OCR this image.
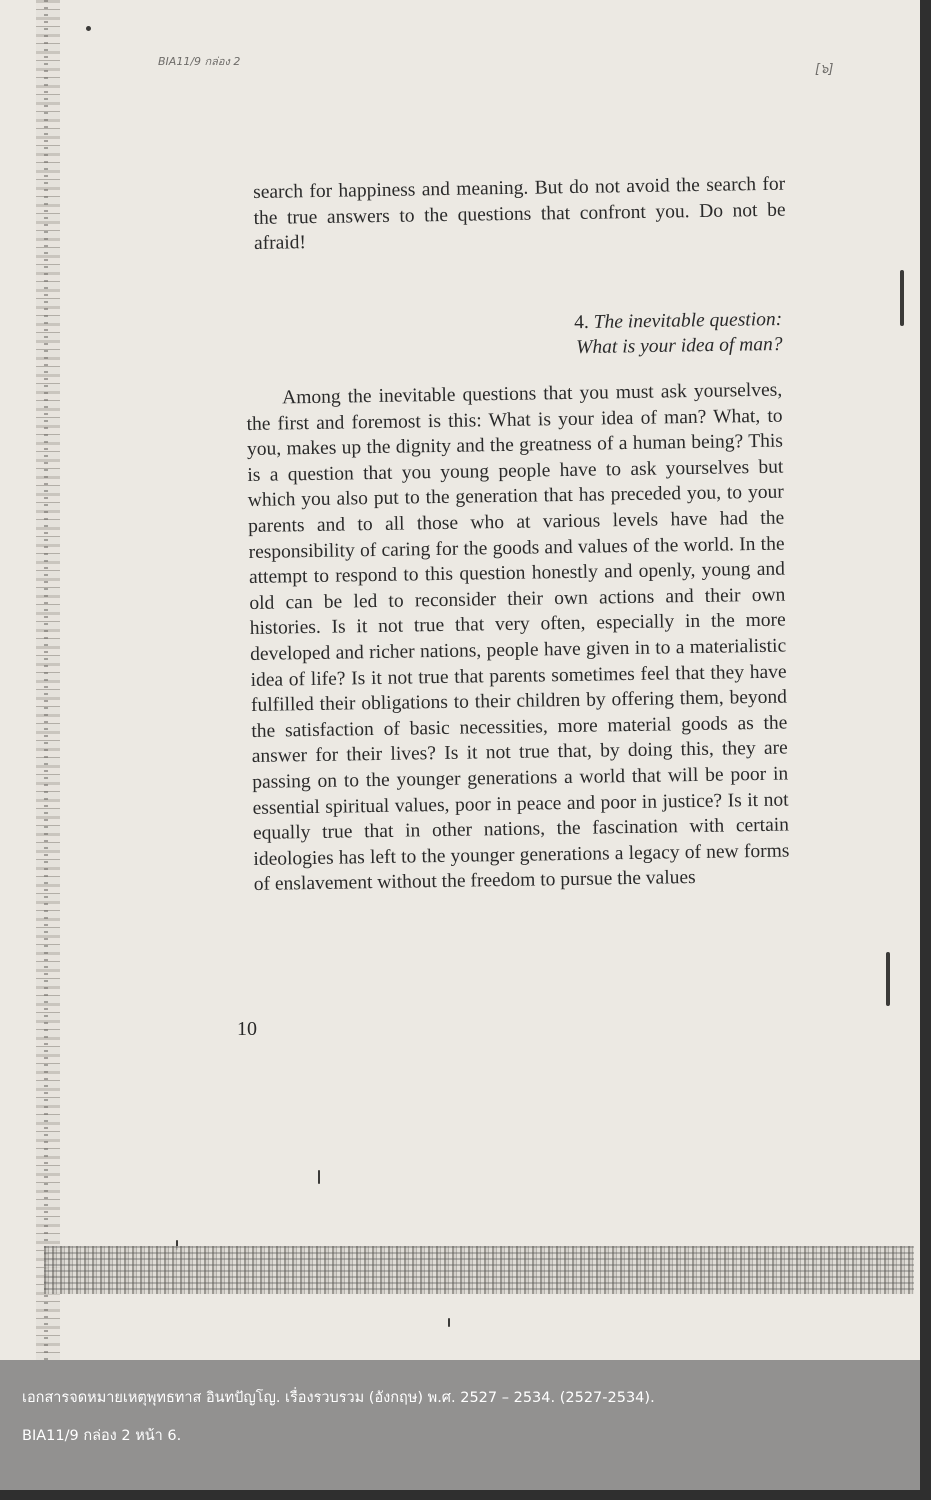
BIA11/9 กล่อง 2
[๖]
search for happiness and meaning. But do not avoid the search for the true answers to the questions that confront you. Do not be afraid!
4. The inevitable question:
What is your idea of man?
Among the inevitable questions that you must ask yourselves, the first and foremost is this: What is your idea of man? What, to you, makes up the dignity and the greatness of a human being? This is a question that you young people have to ask yourselves but which you also put to the generation that has preceded you, to your parents and to all those who at various levels have had the responsibility of caring for the goods and values of the world. In the attempt to respond to this question honestly and openly, young and old can be led to reconsider their own actions and their own histories. Is it not true that very often, especially in the more developed and richer nations, people have given in to a materialistic idea of life? Is it not true that parents sometimes feel that they have fulfilled their obligations to their children by offering them, beyond the satisfaction of basic necessities, more material goods as the answer for their lives? Is it not true that, by doing this, they are passing on to the younger generations a world that will be poor in essential spiritual values, poor in peace and poor in justice? Is it not equally true that in other nations, the fascination with certain ideologies has left to the younger generations a legacy of new forms of enslavement without the freedom to pursue the values
10

เอกสารจดหมายเหตุพุทธทาส อินทปัญโญ. เรื่องรวบรวม (อังกฤษ) พ.ศ. 2527 – 2534. (2527-2534).

BIA11/9 กล่อง 2 หน้า 6.
